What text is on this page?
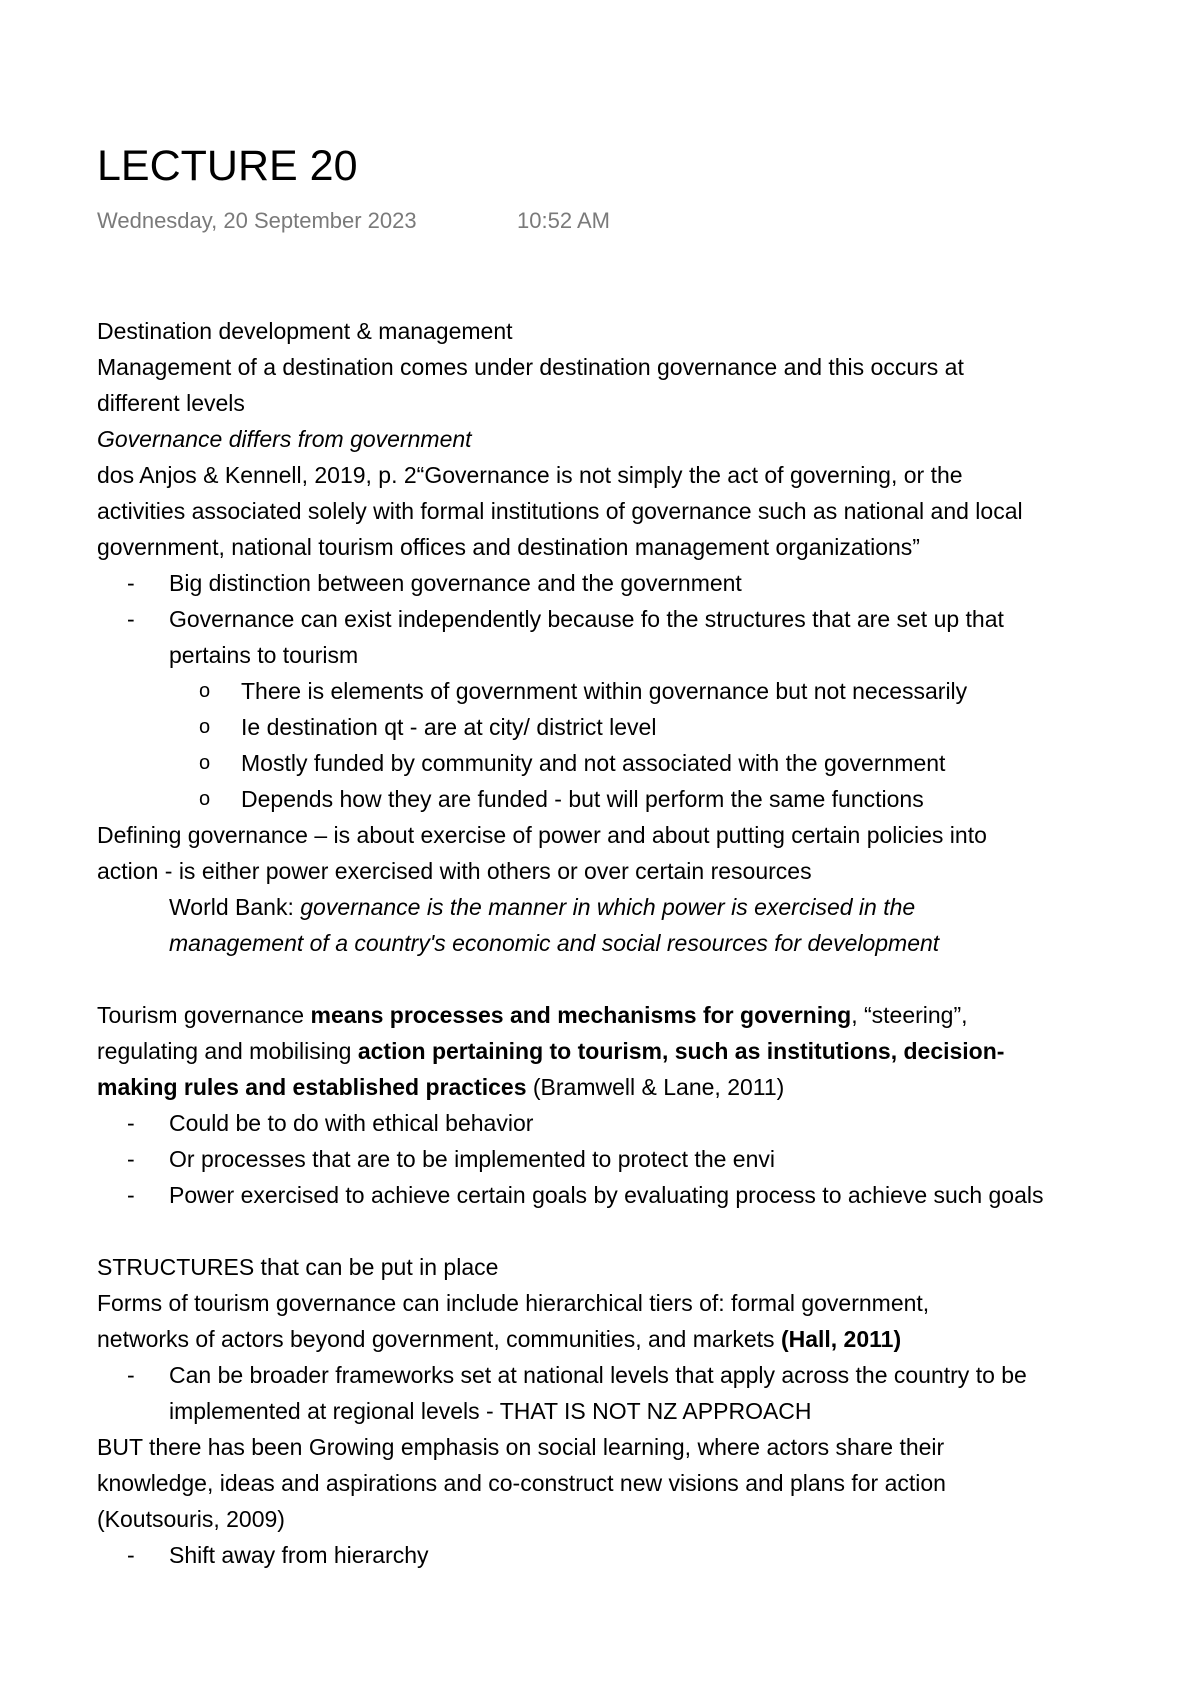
LECTURE 20
Wednesday, 20 September 2023	10:52 AM
Destination development & management
Management of a destination comes under destination governance and this occurs at
different levels
Governance differs from government
dos Anjos & Kennell, 2019, p. 2“Governance is not simply the act of governing, or the
activities associated solely with formal institutions of governance such as national and local
government, national tourism offices and destination management organizations”
- Big distinction between governance and the government
- Governance can exist independently because fo the structures that are set up that
pertains to tourism
o There is elements of government within governance but not necessarily
o Ie destination qt - are at city/ district level
o Mostly funded by community and not associated with the government
o Depends how they are funded - but will perform the same functions
Defining governance – is about exercise of power and about putting certain policies into
action - is either power exercised with others or over certain resources
World Bank: governance is the manner in which power is exercised in the
management of a country's economic and social resources for development
Tourism governance means processes and mechanisms for governing, “steering”,
regulating and mobilising action pertaining to tourism, such as institutions, decision-
making rules and established practices (Bramwell & Lane, 2011)
- Could be to do with ethical behavior
- Or processes that are to be implemented to protect the envi
- Power exercised to achieve certain goals by evaluating process to achieve such goals
STRUCTURES that can be put in place
Forms of tourism governance can include hierarchical tiers of: formal government,
networks of actors beyond government, communities, and markets (Hall, 2011)
- Can be broader frameworks set at national levels that apply across the country to be
implemented at regional levels - THAT IS NOT NZ APPROACH
BUT there has been Growing emphasis on social learning, where actors share their
knowledge, ideas and aspirations and co-construct new visions and plans for action
(Koutsouris, 2009)
- Shift away from hierarchy
